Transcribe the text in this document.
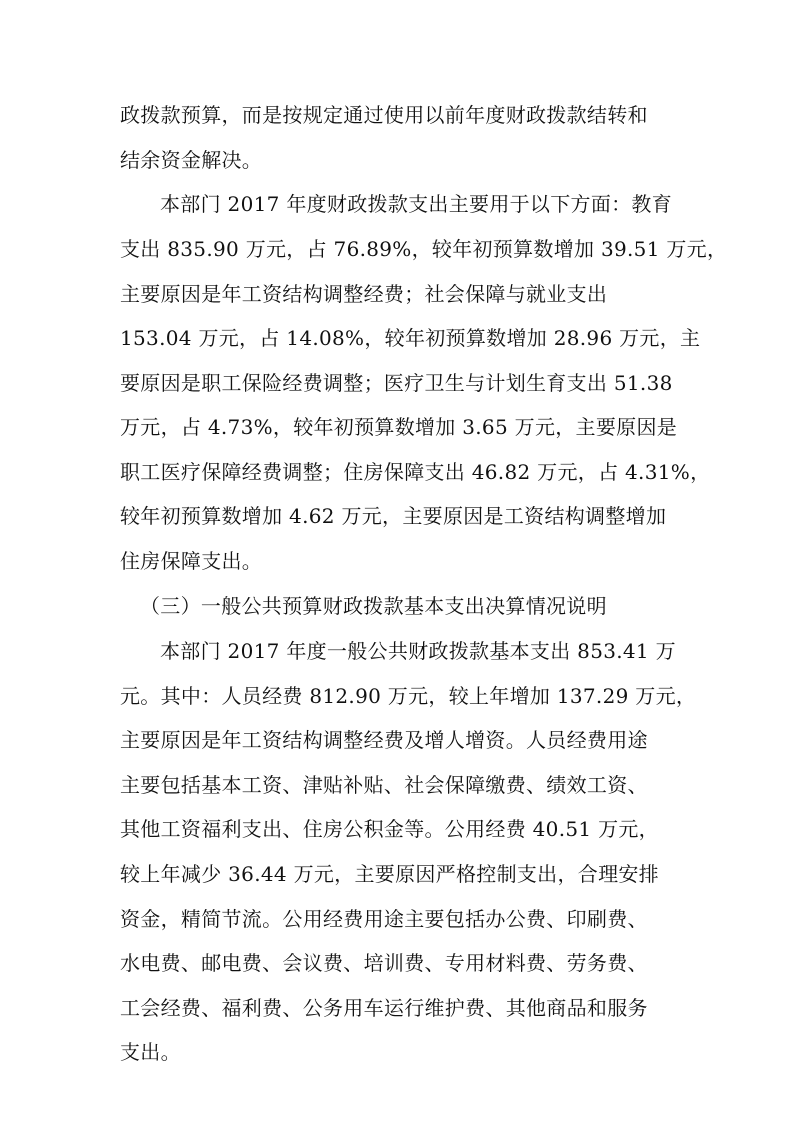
政拨款预算，而是按规定通过使用以前年度财政拨款结转和
结余资金解决。
本部门 2017 年度财政拨款支出主要用于以下方面：教育
支出 835.90 万元，占 76.89%，较年初预算数增加 39.51 万元，
主要原因是年工资结构调整经费；社会保障与就业支出
153.04 万元，占 14.08%，较年初预算数增加 28.96 万元，主
要原因是职工保险经费调整；医疗卫生与计划生育支出 51.38
万元，占 4.73%，较年初预算数增加 3.65 万元，主要原因是
职工医疗保障经费调整；住房保障支出 46.82 万元，占 4.31%，
较年初预算数增加 4.62 万元，主要原因是工资结构调整增加
住房保障支出。
（三）一般公共预算财政拨款基本支出决算情况说明
本部门 2017 年度一般公共财政拨款基本支出 853.41 万
元。其中：人员经费 812.90 万元，较上年增加 137.29 万元，
主要原因是年工资结构调整经费及增人增资。人员经费用途
主要包括基本工资、津贴补贴、社会保障缴费、绩效工资、
其他工资福利支出、住房公积金等。公用经费 40.51 万元，
较上年减少 36.44 万元，主要原因严格控制支出，合理安排
资金，精简节流。公用经费用途主要包括办公费、印刷费、
水电费、邮电费、会议费、培训费、专用材料费、劳务费、
工会经费、福利费、公务用车运行维护费、其他商品和服务
支出。
